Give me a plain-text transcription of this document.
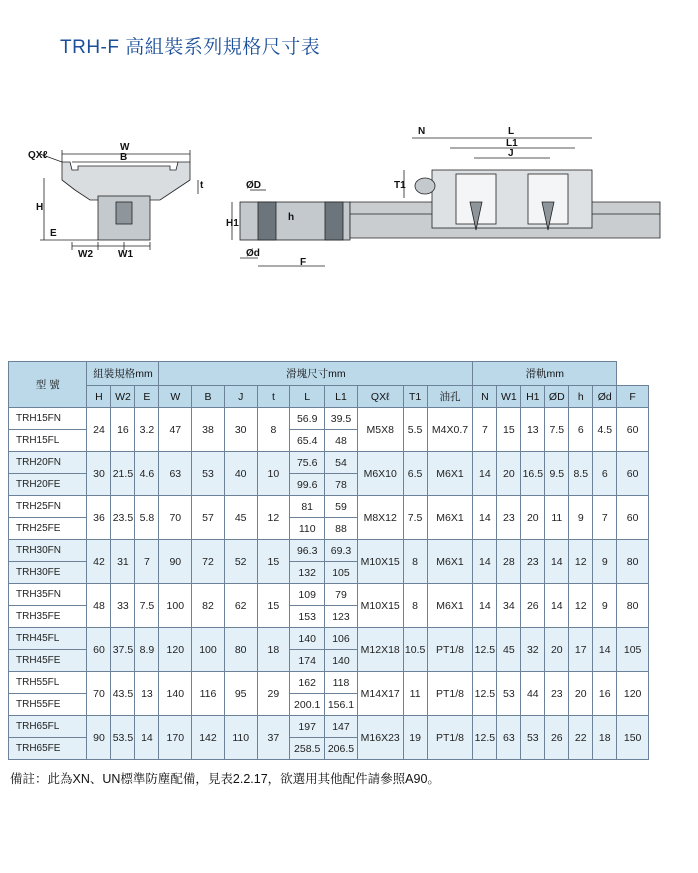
TRH-F 高組裝系列規格尺寸表
QXℓ
W
B
H
E
t
W2	W1
ØD
H1
h
Ød
F
N	L
L1
J
T1
型 號	組裝規格mm			滑塊尺寸mm									滑軌mm						
	H	W2	E	W	B	J	t	L	L1	QXℓ	T1	油孔	N	W1	H1	ØD	h	Ød	F
TRH15FN	24	16	3.2	47	38	30	8	56.9	39.5	M5X8	5.5	M4X0.7	7	15	13	7.5	6	4.5	60
TRH15FL								65.4	48										
TRH20FN	30	21.5	4.6	63	53	40	10	75.6	54	M6X10	6.5	M6X1	14	20	16.5	9.5	8.5	6	60
TRH20FE								99.6	78										
TRH25FN	36	23.5	5.8	70	57	45	12	81	59	M8X12	7.5	M6X1	14	23	20	11	9	7	60
TRH25FE								110	88										
TRH30FN	42	31	7	90	72	52	15	96.3	69.3	M10X15	8	M6X1	14	28	23	14	12	9	80
TRH30FE								132	105										
TRH35FN	48	33	7.5	100	82	62	15	109	79	M10X15	8	M6X1	14	34	26	14	12	9	80
TRH35FE								153	123										
TRH45FL	60	37.5	8.9	120	100	80	18	140	106	M12X18	10.5	PT1/8	12.5	45	32	20	17	14	105
TRH45FE								174	140										
TRH55FL	70	43.5	13	140	116	95	29	162	118	M14X17	11	PT1/8	12.5	53	44	23	20	16	120
TRH55FE								200.1	156.1										
TRH65FL	90	53.5	14	170	142	110	37	197	147	M16X23	19	PT1/8	12.5	63	53	26	22	18	150
TRH65FE								258.5	206.5										
備註：此為XN、UN標準防塵配備，見表2.2.17，欲選用其他配件請參照A90。
